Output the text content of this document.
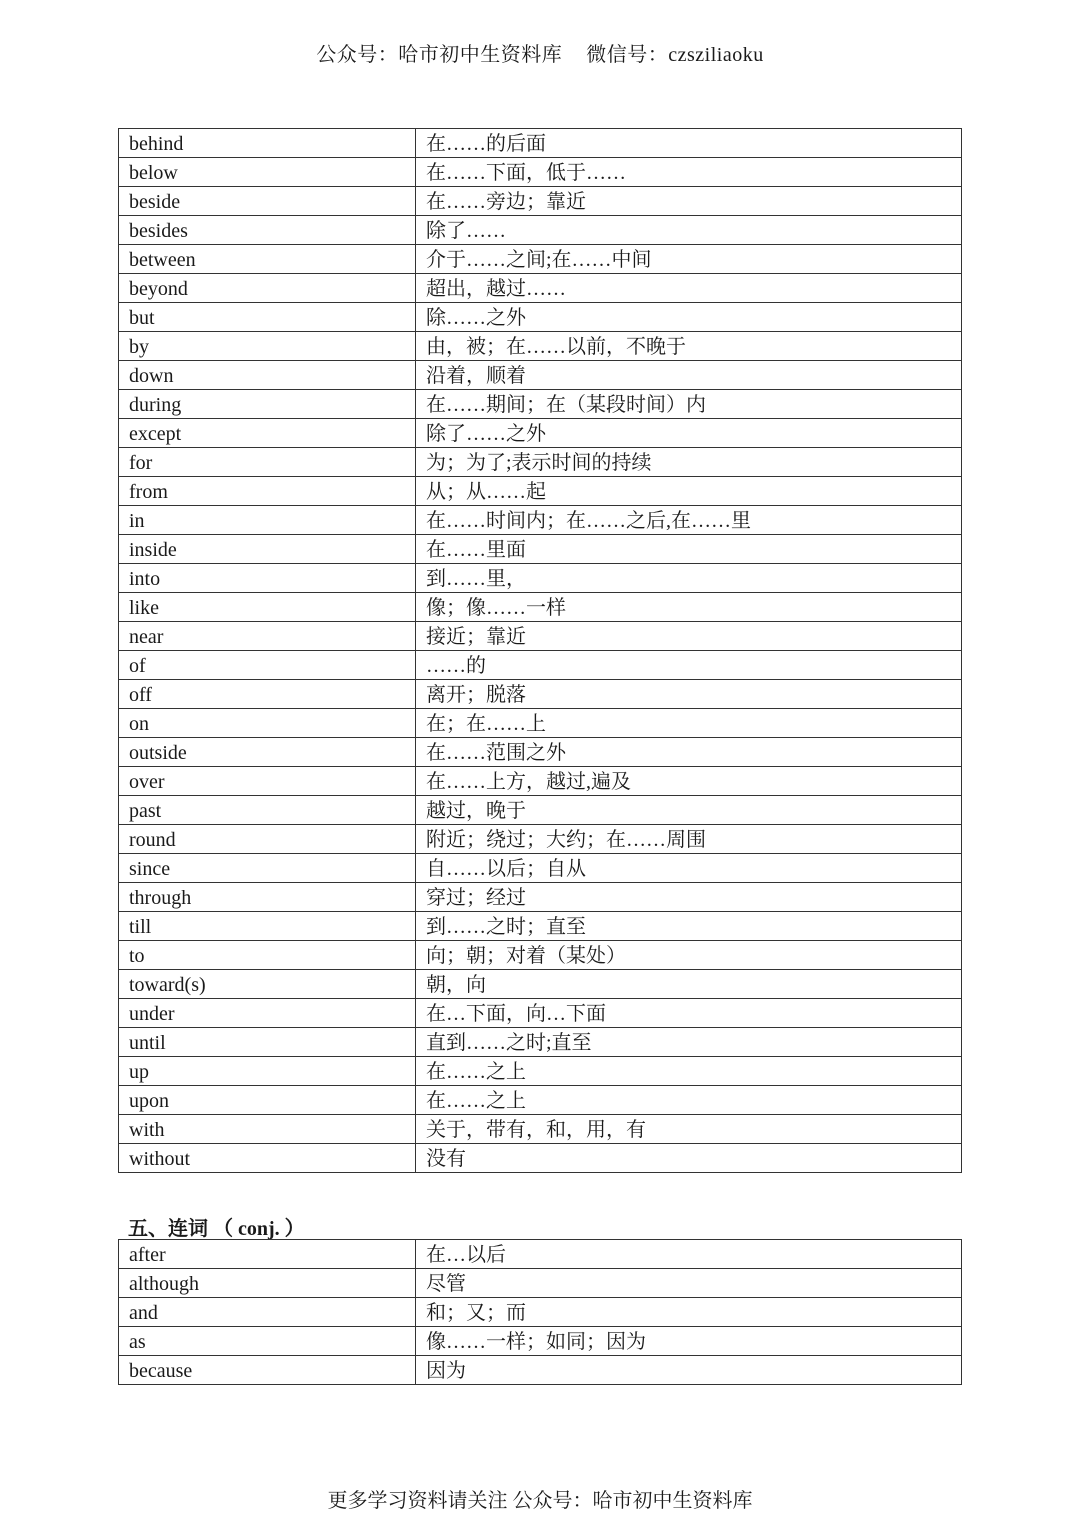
公众号：哈市初中生资料库 微信号：czsziliaoku
behind	在……的后面
below	在……下面，低于……
beside	在……旁边；靠近
besides	除了……
between	介于……之间;在……中间
beyond	超出，越过……
but	除……之外
by	由，被；在……以前，不晚于
down	沿着，顺着
during	在……期间；在（某段时间）内
except	除了……之外
for	为；为了;表示时间的持续
from	从；从……起
in	在……时间内；在……之后,在……里
inside	在……里面
into	到……里，
like	像；像……一样
near	接近；靠近
of	……的
off	离开；脱落
on	在；在……上
outside	在……范围之外
over	在……上方，越过,遍及
past	越过，晚于
round	附近；绕过；大约；在……周围
since	自……以后；自从
through	穿过；经过
till	到……之时；直至
to	向；朝；对着（某处）
toward(s)	朝，向
under	在…下面，向…下面
until	直到……之时;直至
up	在……之上
upon	在……之上
with	关于，带有，和，用，有
without	没有
五、连词 （ conj. ）
after	在…以后
although	尽管
and	和；又；而
as	像……一样；如同；因为
because	因为
更多学习资料请关注 公众号：哈市初中生资料库
